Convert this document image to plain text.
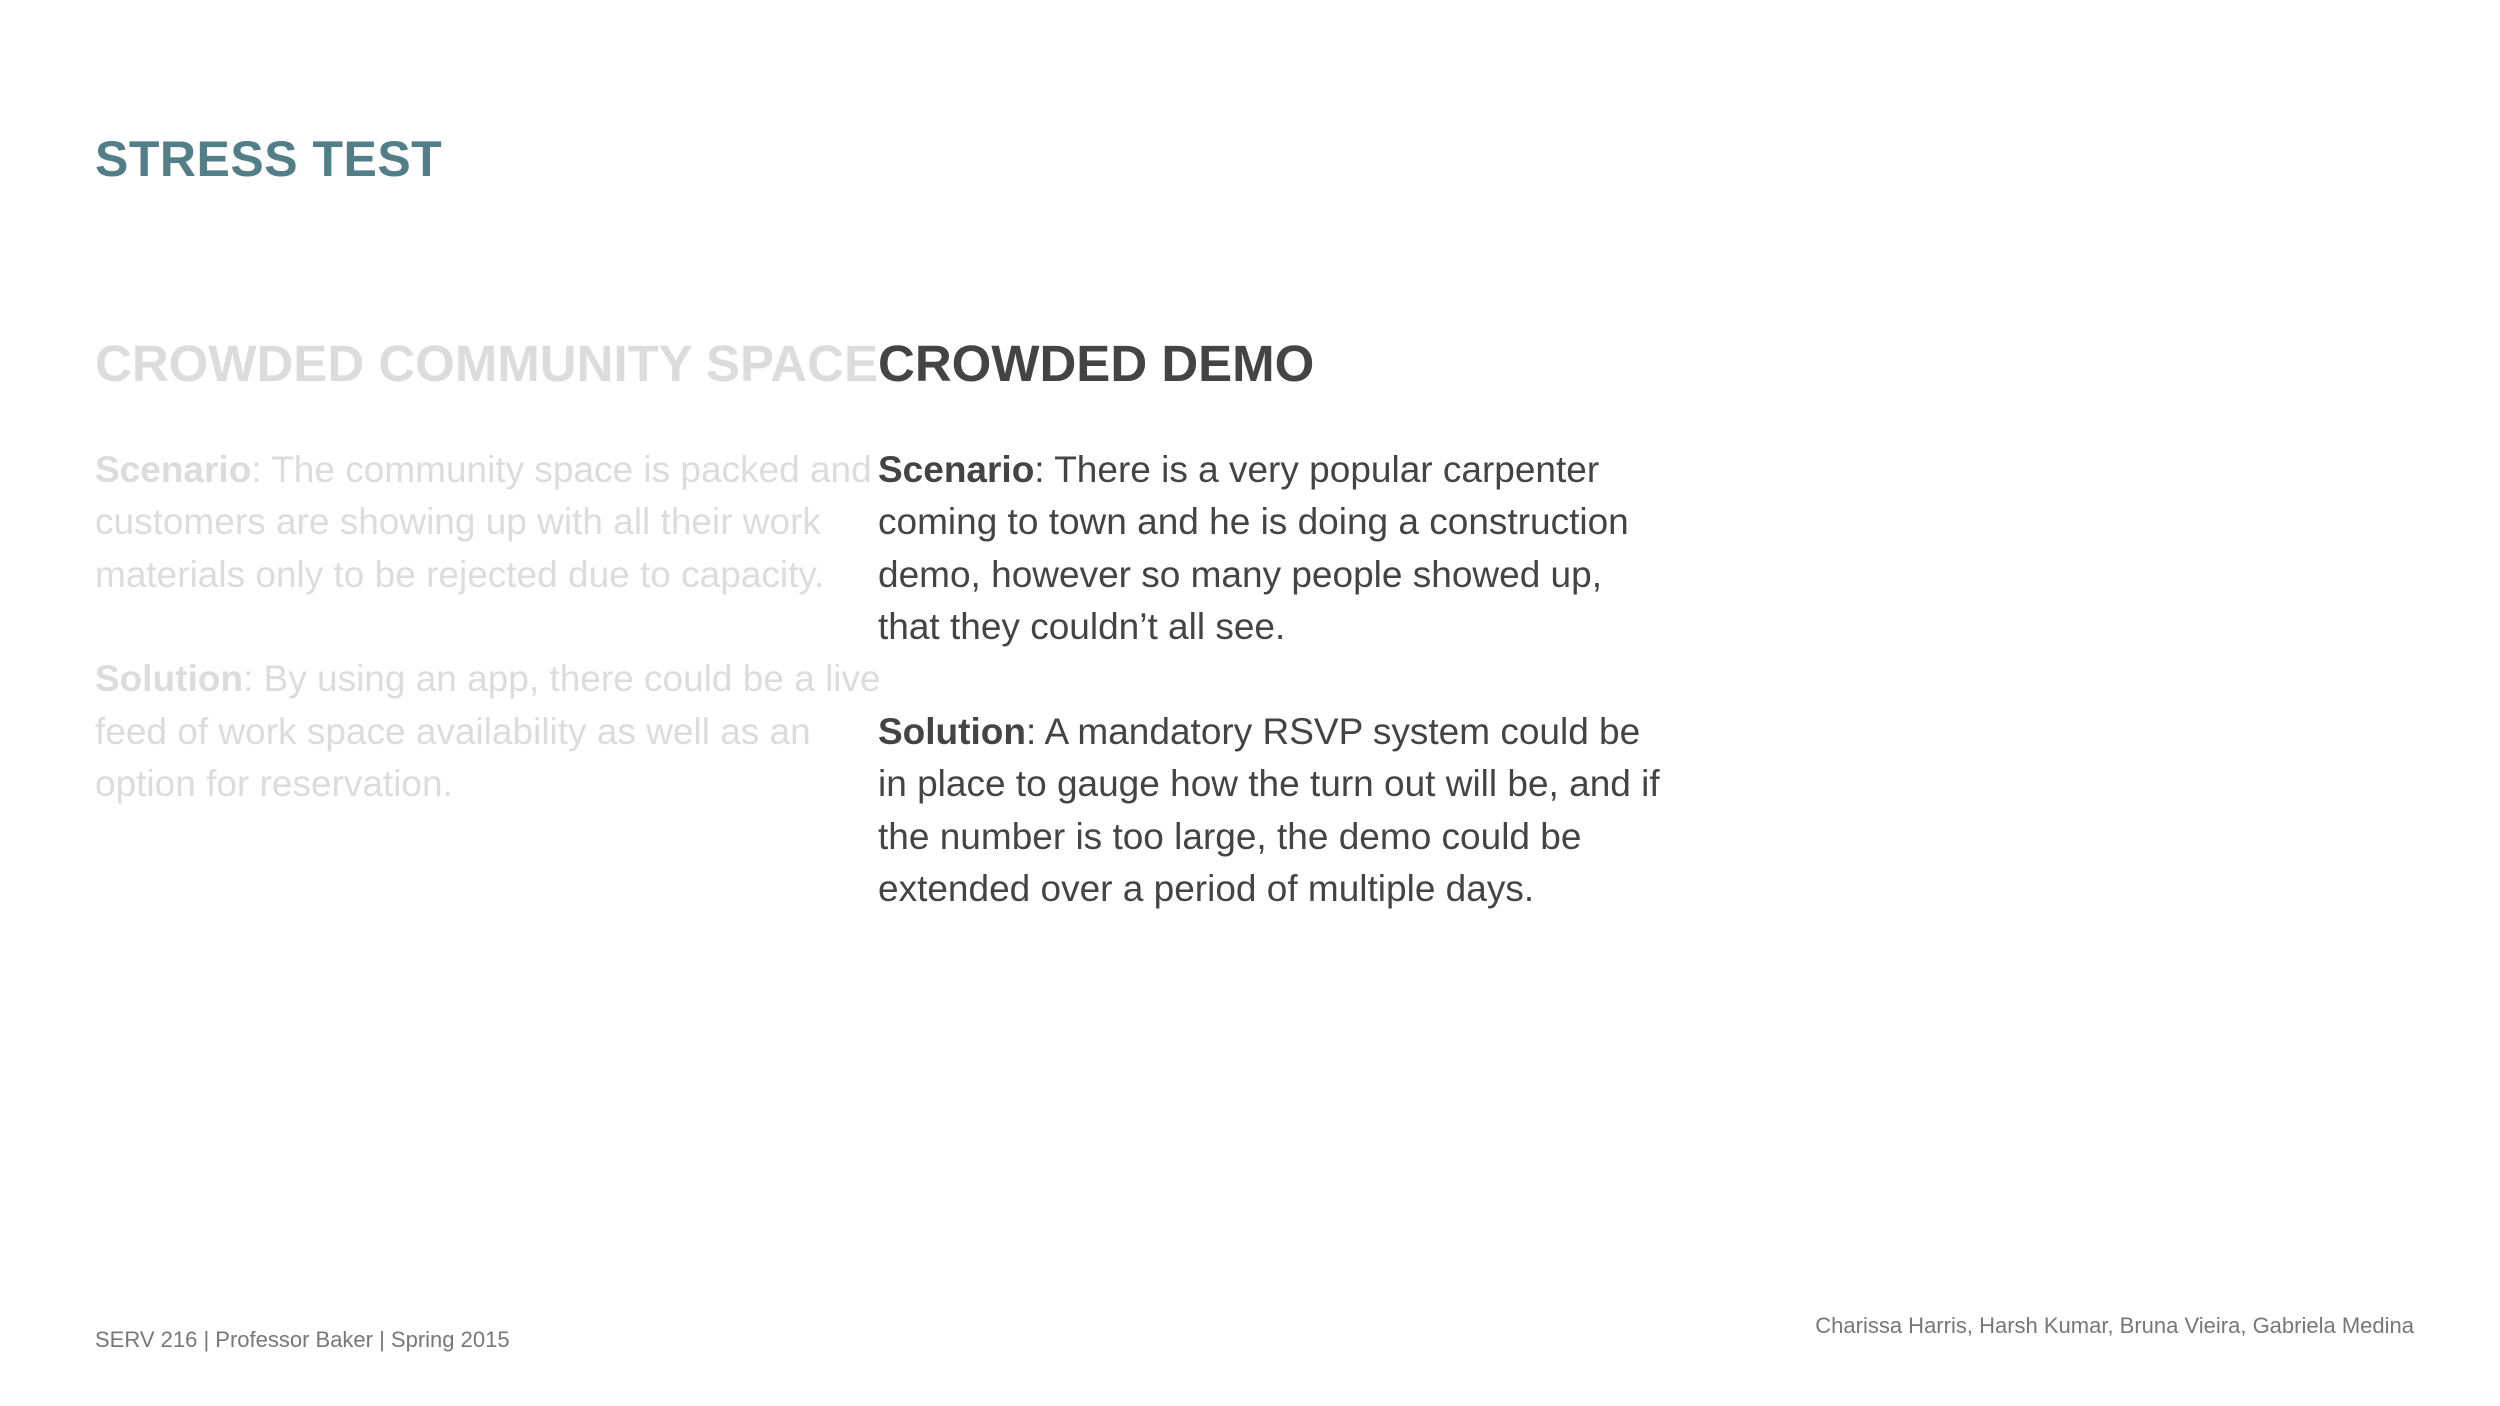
STRESS TEST
CROWDED COMMUNITY SPACE

Scenario: The community space is packed and customers are showing up with all their work materials only to be rejected due to capacity.

Solution: By using an app, there could be a live feed of work space availability as well as an option for reservation.

CROWDED DEMO

Scenario: There is a very popular carpenter coming to town and he is doing a construction demo, however so many people showed up, that they couldn’t all see.

Solution: A mandatory RSVP system could be in place to gauge how the turn out will be, and if the number is too large, the demo could be extended over a period of multiple days.

SERV 216 | Professor Baker | Spring 2015
Charissa Harris, Harsh Kumar, Bruna Vieira, Gabriela Medina
